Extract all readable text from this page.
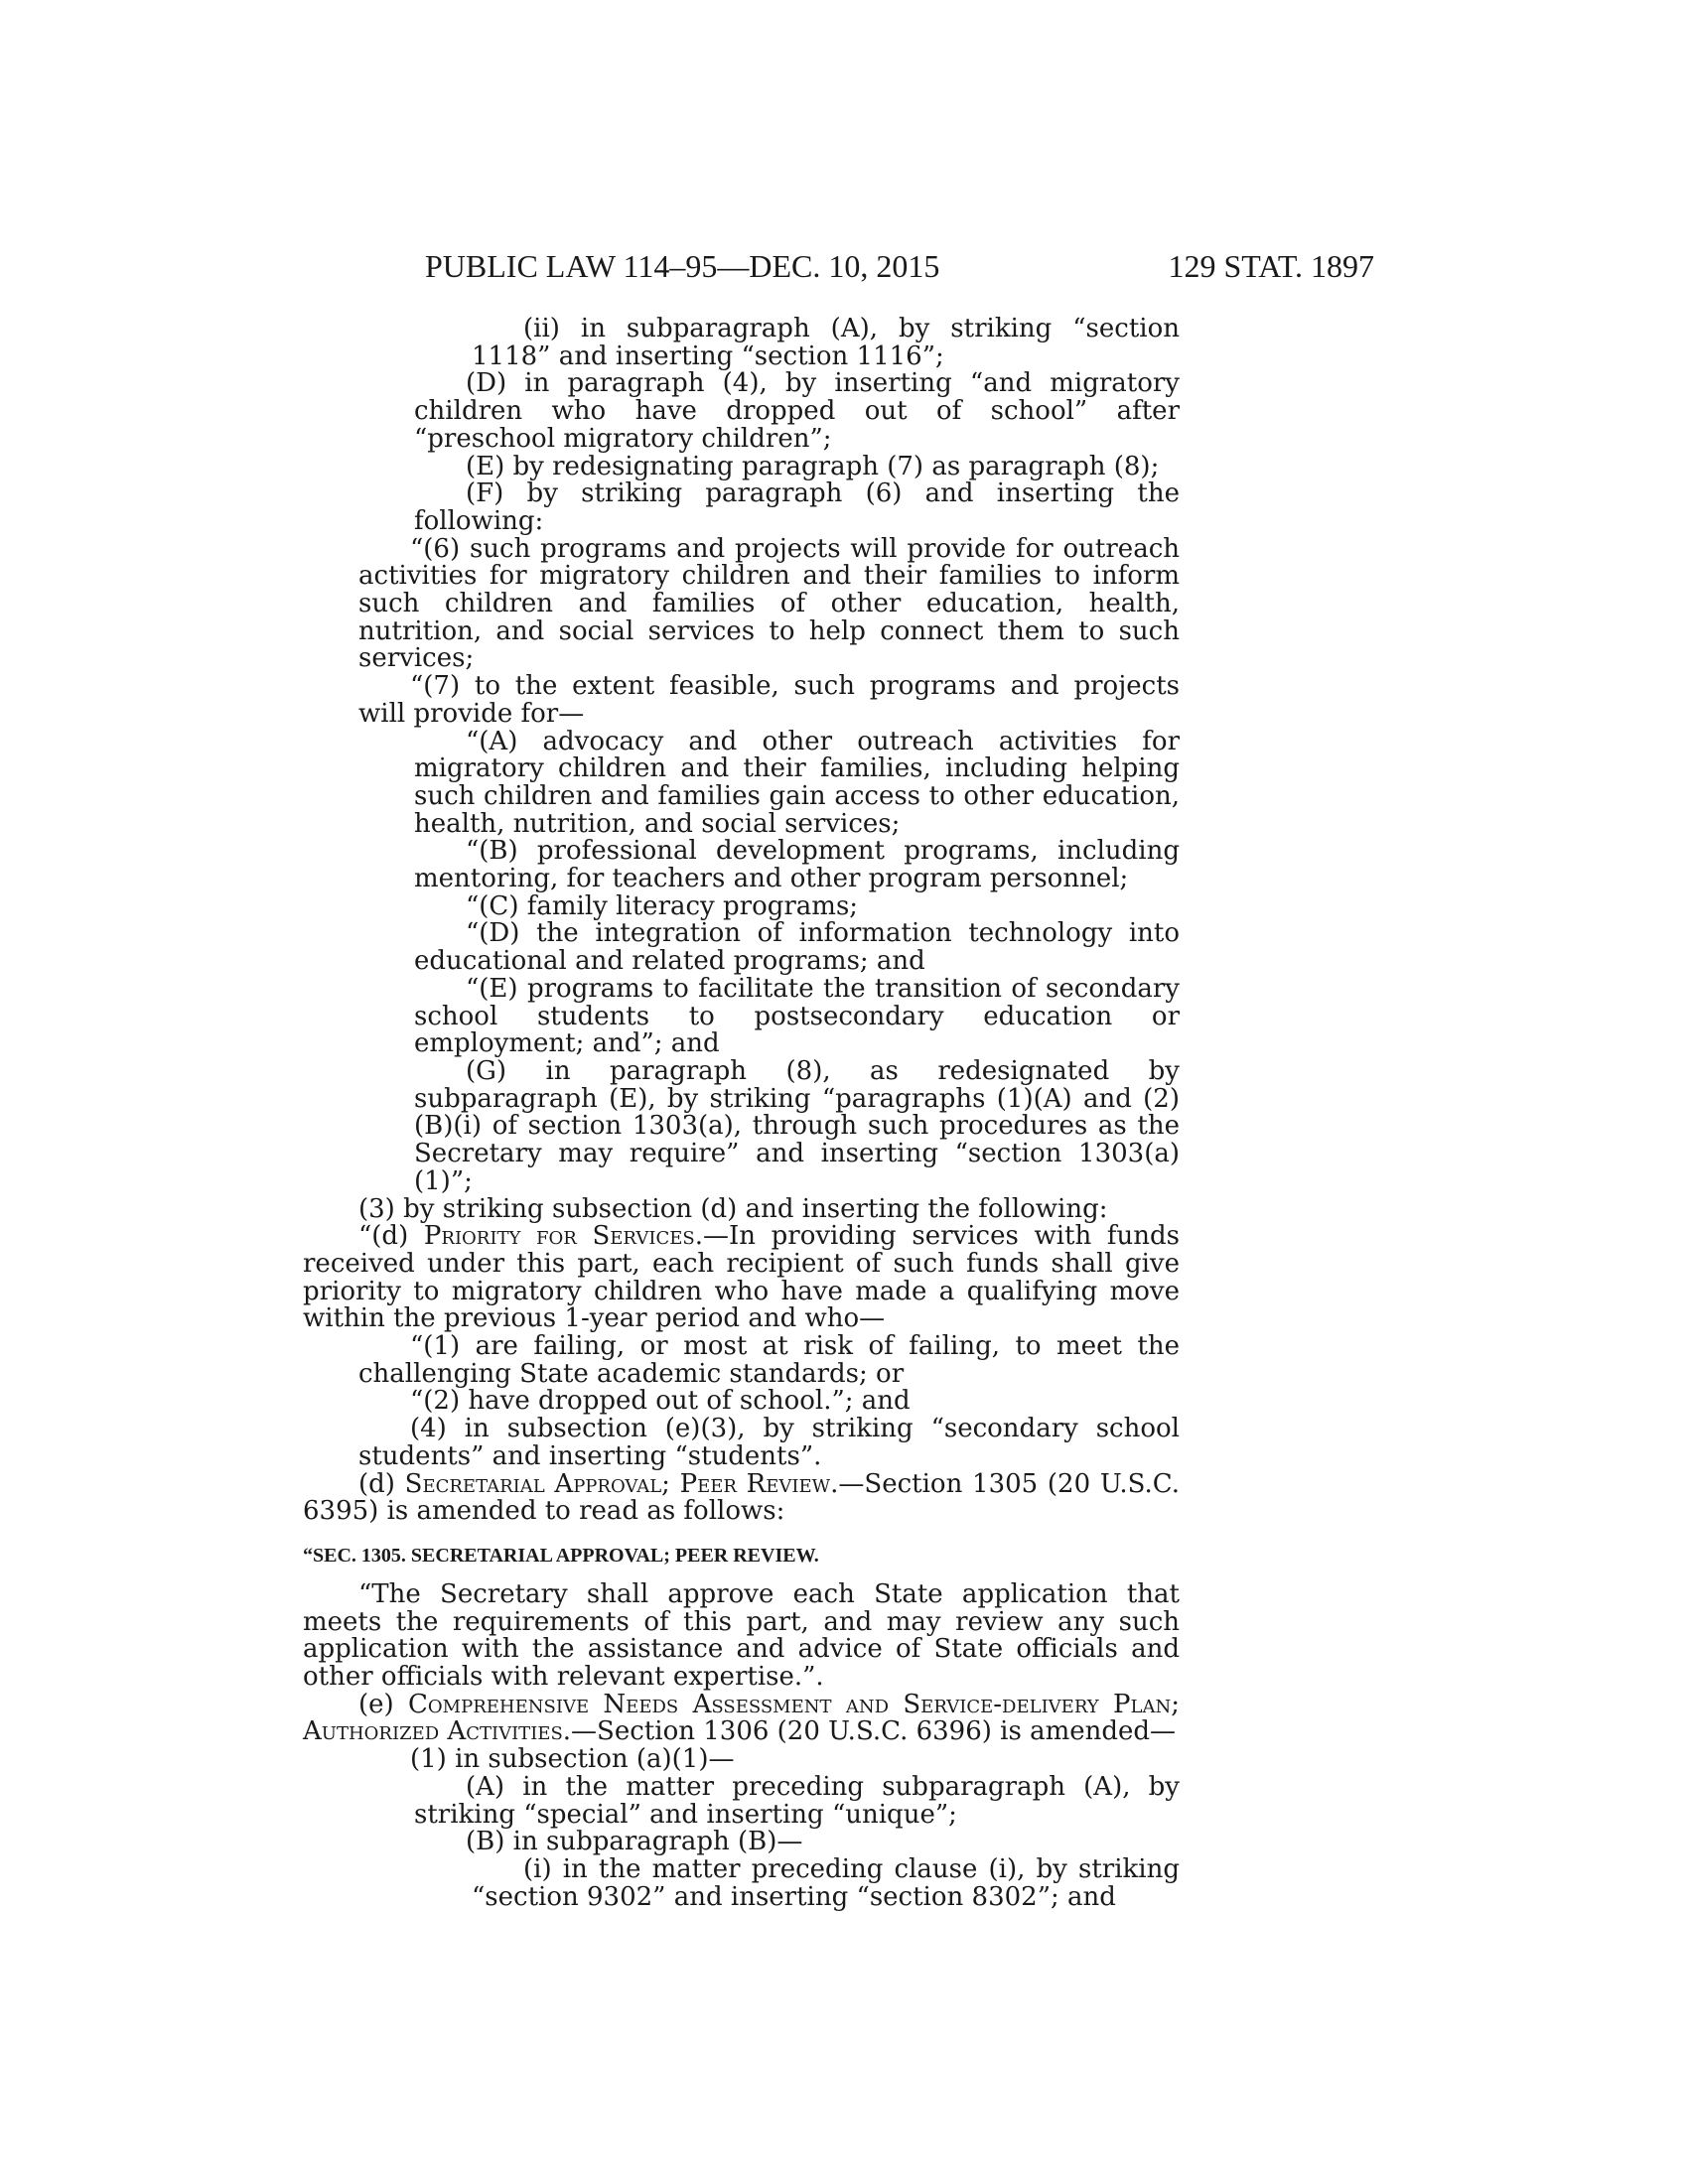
PUBLIC LAW 114–95—DEC. 10, 2015	129 STAT. 1897

(ii) in subparagraph (A), by striking “section 1118” and inserting “section 1116”;

(D) in paragraph (4), by inserting “and migratory children who have dropped out of school” after “preschool migratory children”;

(E) by redesignating paragraph (7) as paragraph (8);

(F) by striking paragraph (6) and inserting the following:

“(6) such programs and projects will provide for outreach activities for migratory children and their families to inform such children and families of other education, health, nutrition, and social services to help connect them to such services;

“(7) to the extent feasible, such programs and projects will provide for—

“(A) advocacy and other outreach activities for migratory children and their families, including helping such children and families gain access to other education, health, nutrition, and social services;

“(B) professional development programs, including mentoring, for teachers and other program personnel;

“(C) family literacy programs;

“(D) the integration of information technology into educational and related programs; and

“(E) programs to facilitate the transition of secondary school students to postsecondary education or employment; and”; and

(G) in paragraph (8), as redesignated by subparagraph (E), by striking “paragraphs (1)(A) and (2)(B)(i) of section 1303(a), through such procedures as the Secretary may require” and inserting “section 1303(a)(1)”;

(3) by striking subsection (d) and inserting the following:

“(d) Priority for Services.—In providing services with funds received under this part, each recipient of such funds shall give priority to migratory children who have made a qualifying move within the previous 1-year period and who—

“(1) are failing, or most at risk of failing, to meet the challenging State academic standards; or

“(2) have dropped out of school.”; and

(4) in subsection (e)(3), by striking “secondary school students” and inserting “students”.

(d) Secretarial Approval; Peer Review.—Section 1305 (20 U.S.C. 6395) is amended to read as follows:

“SEC. 1305. SECRETARIAL APPROVAL; PEER REVIEW.

“The Secretary shall approve each State application that meets the requirements of this part, and may review any such application with the assistance and advice of State officials and other officials with relevant expertise.”.

(e) Comprehensive Needs Assessment and Service-delivery Plan; Authorized Activities.—Section 1306 (20 U.S.C. 6396) is amended—

(1) in subsection (a)(1)—

(A) in the matter preceding subparagraph (A), by striking “special” and inserting “unique”;

(B) in subparagraph (B)—

(i) in the matter preceding clause (i), by striking “section 9302” and inserting “section 8302”; and
